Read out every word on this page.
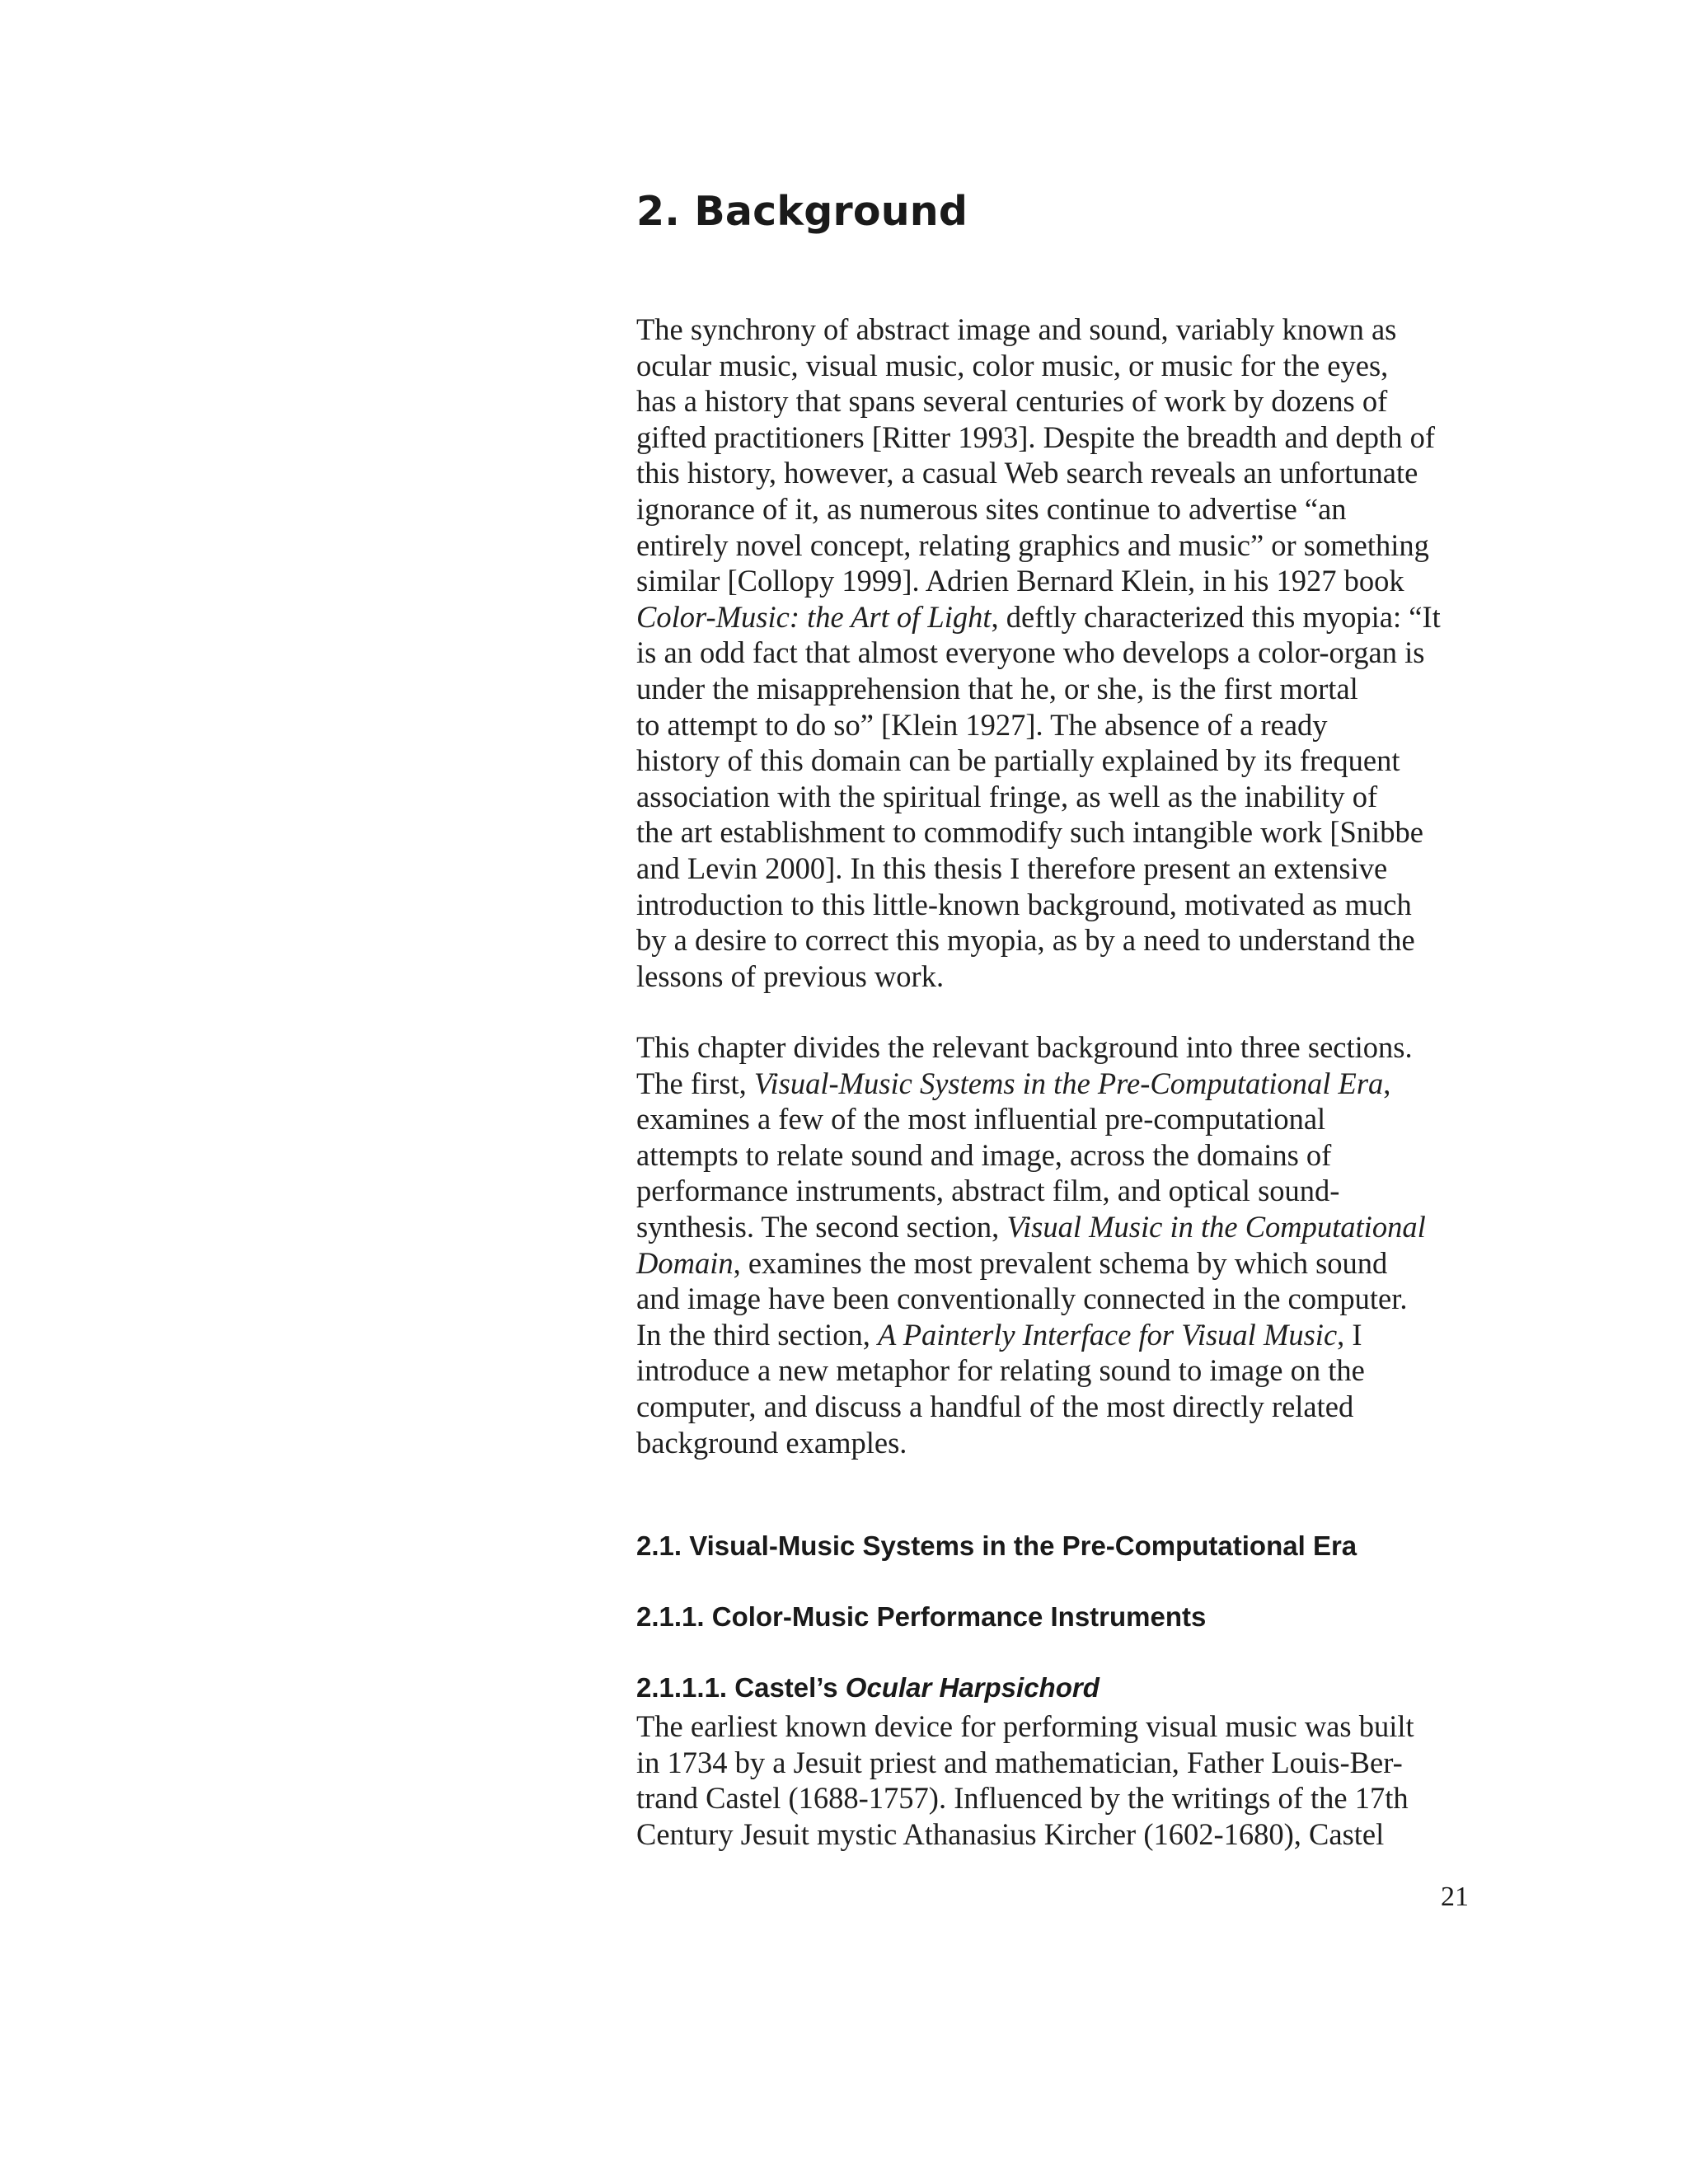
2. Background

The synchrony of abstract image and sound, variably known as
ocular music, visual music, color music, or music for the eyes,
has a history that spans several centuries of work by dozens of
gifted practitioners [Ritter 1993]. Despite the breadth and depth of
this history, however, a casual Web search reveals an unfortunate
ignorance of it, as numerous sites continue to advertise “an
entirely novel concept, relating graphics and music” or something
similar [Collopy 1999]. Adrien Bernard Klein, in his 1927 book
Color-Music: the Art of Light, deftly characterized this myopia: “It
is an odd fact that almost everyone who develops a color-organ is
under the misapprehension that he, or she, is the first mortal
to attempt to do so” [Klein 1927]. The absence of a ready
history of this domain can be partially explained by its frequent
association with the spiritual fringe, as well as the inability of
the art establishment to commodify such intangible work [Snibbe
and Levin 2000]. In this thesis I therefore present an extensive
introduction to this little-known background, motivated as much
by a desire to correct this myopia, as by a need to understand the
lessons of previous work.

This chapter divides the relevant background into three sections.
The first, Visual-Music Systems in the Pre-Computational Era,
examines a few of the most influential pre-computational
attempts to relate sound and image, across the domains of
performance instruments, abstract film, and optical sound-
synthesis. The second section, Visual Music in the Computational
Domain, examines the most prevalent schema by which sound
and image have been conventionally connected in the computer.
In the third section, A Painterly Interface for Visual Music, I
introduce a new metaphor for relating sound to image on the
computer, and discuss a handful of the most directly related
background examples.

2.1. Visual-Music Systems in the Pre-Computational Era
2.1.1. Color-Music Performance Instruments
2.1.1.1. Castel’s Ocular Harpsichord

The earliest known device for performing visual music was built
in 1734 by a Jesuit priest and mathematician, Father Louis-Ber-
trand Castel (1688-1757). Influenced by the writings of the 17th
Century Jesuit mystic Athanasius Kircher (1602-1680), Castel

21
